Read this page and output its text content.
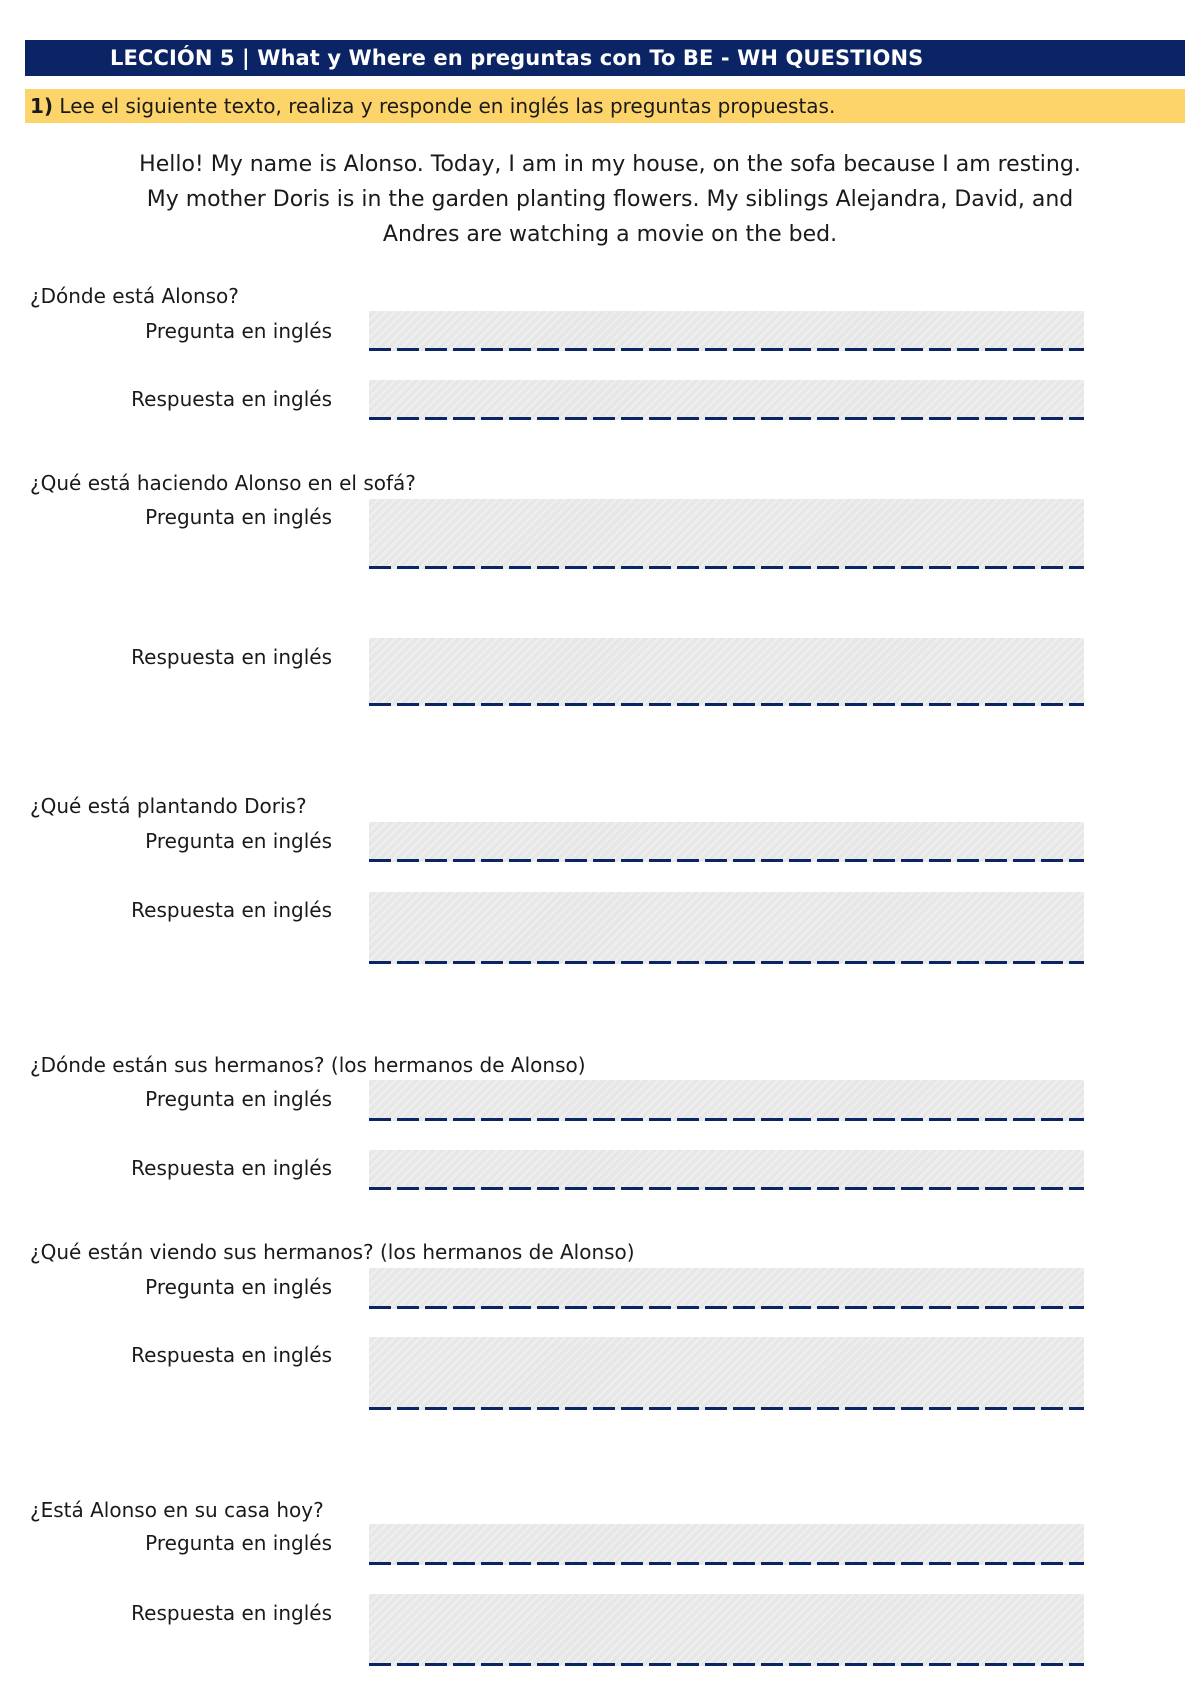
LECCIÓN 5 | What y Where en preguntas con To BE - WH QUESTIONS
1) Lee el siguiente texto, realiza y responde en inglés las preguntas propuestas.
Hello! My name is Alonso. Today, I am in my house, on the sofa because I am resting.
My mother Doris is in the garden planting flowers. My siblings Alejandra, David, and
Andres are watching a movie on the bed.
¿Dónde está Alonso?
Pregunta en inglés
Respuesta en inglés
¿Qué está haciendo Alonso en el sofá?
Pregunta en inglés
Respuesta en inglés
¿Qué está plantando Doris?
Pregunta en inglés
Respuesta en inglés
¿Dónde están sus hermanos? (los hermanos de Alonso)
Pregunta en inglés
Respuesta en inglés
¿Qué están viendo sus hermanos? (los hermanos de Alonso)
Pregunta en inglés
Respuesta en inglés
¿Está Alonso en su casa hoy?
Pregunta en inglés
Respuesta en inglés
